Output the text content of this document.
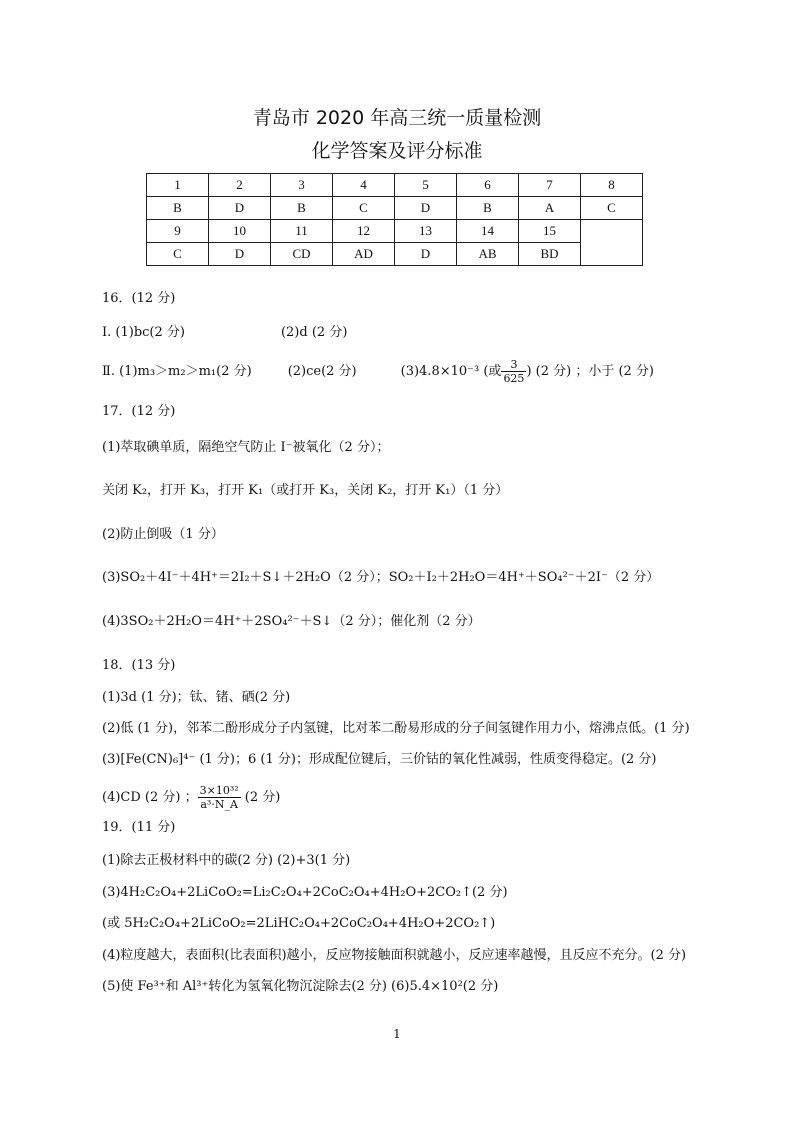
青岛市 2020 年高三统一质量检测
化学答案及评分标准
1	2	3	4	5	6	7	8
B	D	B	C	D	B	A	C
9	10	11	12	13	14	15	
C	D	CD	AD	D	AB	BD	
16．(12 分)
Ⅰ. (1)bc(2 分)	(2)d (2 分)
Ⅱ. (1)m₃＞m₂＞m₁(2 分)	(2)ce(2 分)	(3)4.8×10⁻³ (或 $\frac{3}{625}$ ) (2 分) ；小于 (2 分)
17．(12 分)
(1)萃取碘单质，隔绝空气防止 I⁻被氧化（2 分）；
关闭 K₂，打开 K₃，打开 K₁（或打开 K₃，关闭 K₂，打开 K₁）（1 分）
(2)防止倒吸（1 分）
(3)SO₂＋4I⁻＋4H⁺＝2I₂＋S↓＋2H₂O（2 分）；SO₂＋I₂＋2H₂O＝4H⁺＋SO₄²⁻＋2I⁻（2 分）
(4)3SO₂＋2H₂O＝4H⁺＋2SO₄²⁻＋S↓（2 分）；催化剂（2 分）
18．(13 分)
(1)3d (1 分)；钛、锗、硒(2 分)
(2)低 (1 分)，邻苯二酚形成分子内氢键，比对苯二酚易形成的分子间氢键作用力小，熔沸点低。(1 分)
(3)[Fe(CN)₆]⁴⁻ (1 分)；6 (1 分)；形成配位键后，三价钴的氧化性减弱，性质变得稳定。(2 分)
(4)CD (2 分) ； $\frac{\text{3×10³²}}{\text{a³·N\_A}} (2$ 分)
19．(11 分)
(1)除去正极材料中的碳(2 分) (2)+3(1 分)
(3)4H₂C₂O₄+2LiCoO₂=Li₂C₂O₄+2CoC₂O₄+4H₂O+2CO₂↑(2 分)
(或 5H₂C₂O₄+2LiCoO₂=2LiHC₂O₄+2CoC₂O₄+4H₂O+2CO₂↑)
(4)粒度越大，表面积(比表面积)越小，反应物接触面积就越小，反应速率越慢，且反应不充分。(2 分)
(5)使 Fe³⁺和 Al³⁺转化为氢氧化物沉淀除去(2 分) (6)5.4×10²(2 分)
1
